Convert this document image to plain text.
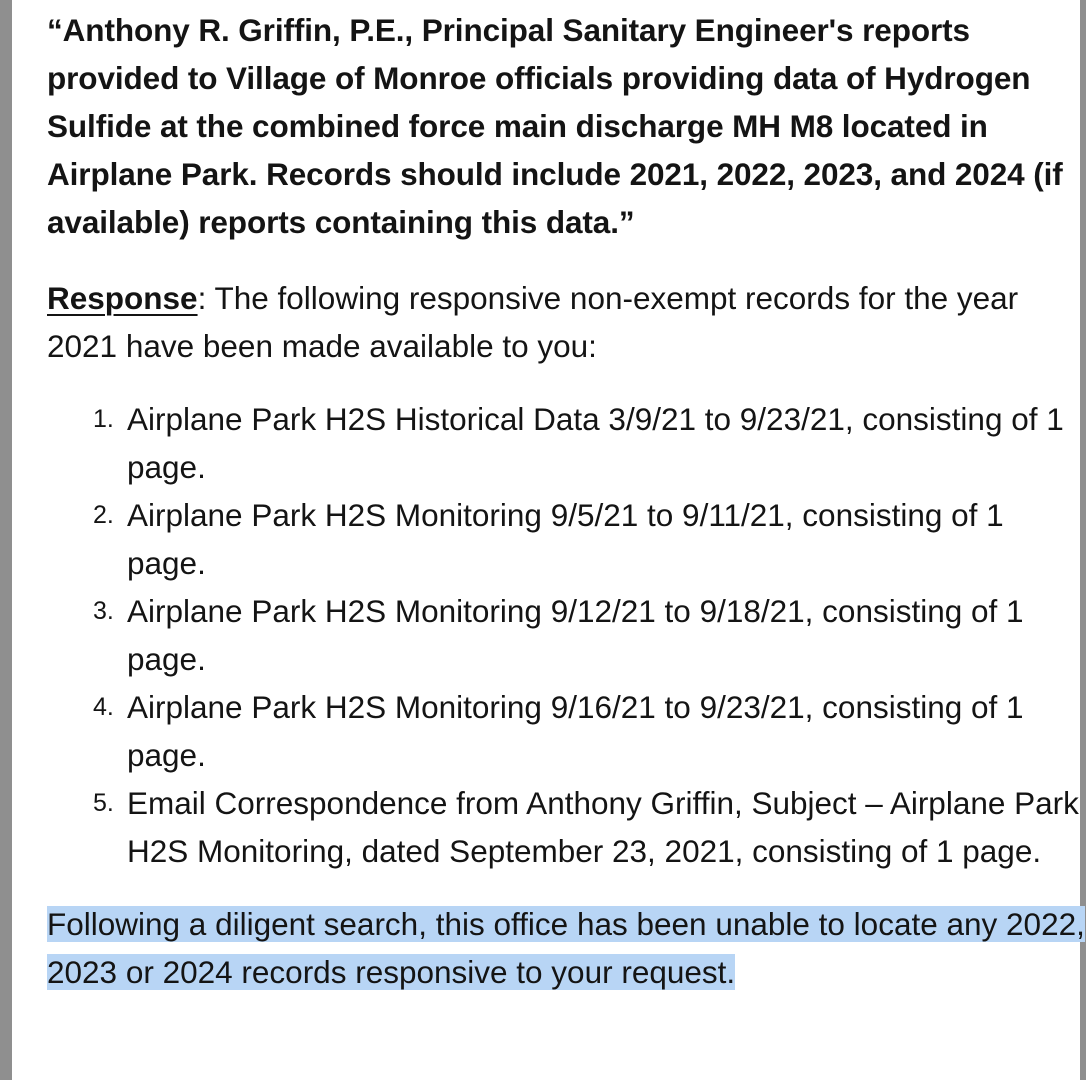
“Anthony R. Griffin, P.E., Principal Sanitary Engineer's reports provided to Village of Monroe officials providing data of Hydrogen Sulfide at the combined force main discharge MH M8 located in Airplane Park. Records should include 2021, 2022, 2023, and 2024 (if available) reports containing this data.”

Response: The following responsive non-exempt records for the year 2021 have been made available to you:

1. Airplane Park H2S Historical Data 3/9/21 to 9/23/21, consisting of 1 page.
2. Airplane Park H2S Monitoring 9/5/21 to 9/11/21, consisting of 1 page.
3. Airplane Park H2S Monitoring 9/12/21 to 9/18/21, consisting of 1 page.
4. Airplane Park H2S Monitoring 9/16/21 to 9/23/21, consisting of 1 page.
5. Email Correspondence from Anthony Griffin, Subject – Airplane Park H2S Monitoring, dated September 23, 2021, consisting of 1 page.

Following a diligent search, this office has been unable to locate any 2022, 2023 or 2024 records responsive to your request.
